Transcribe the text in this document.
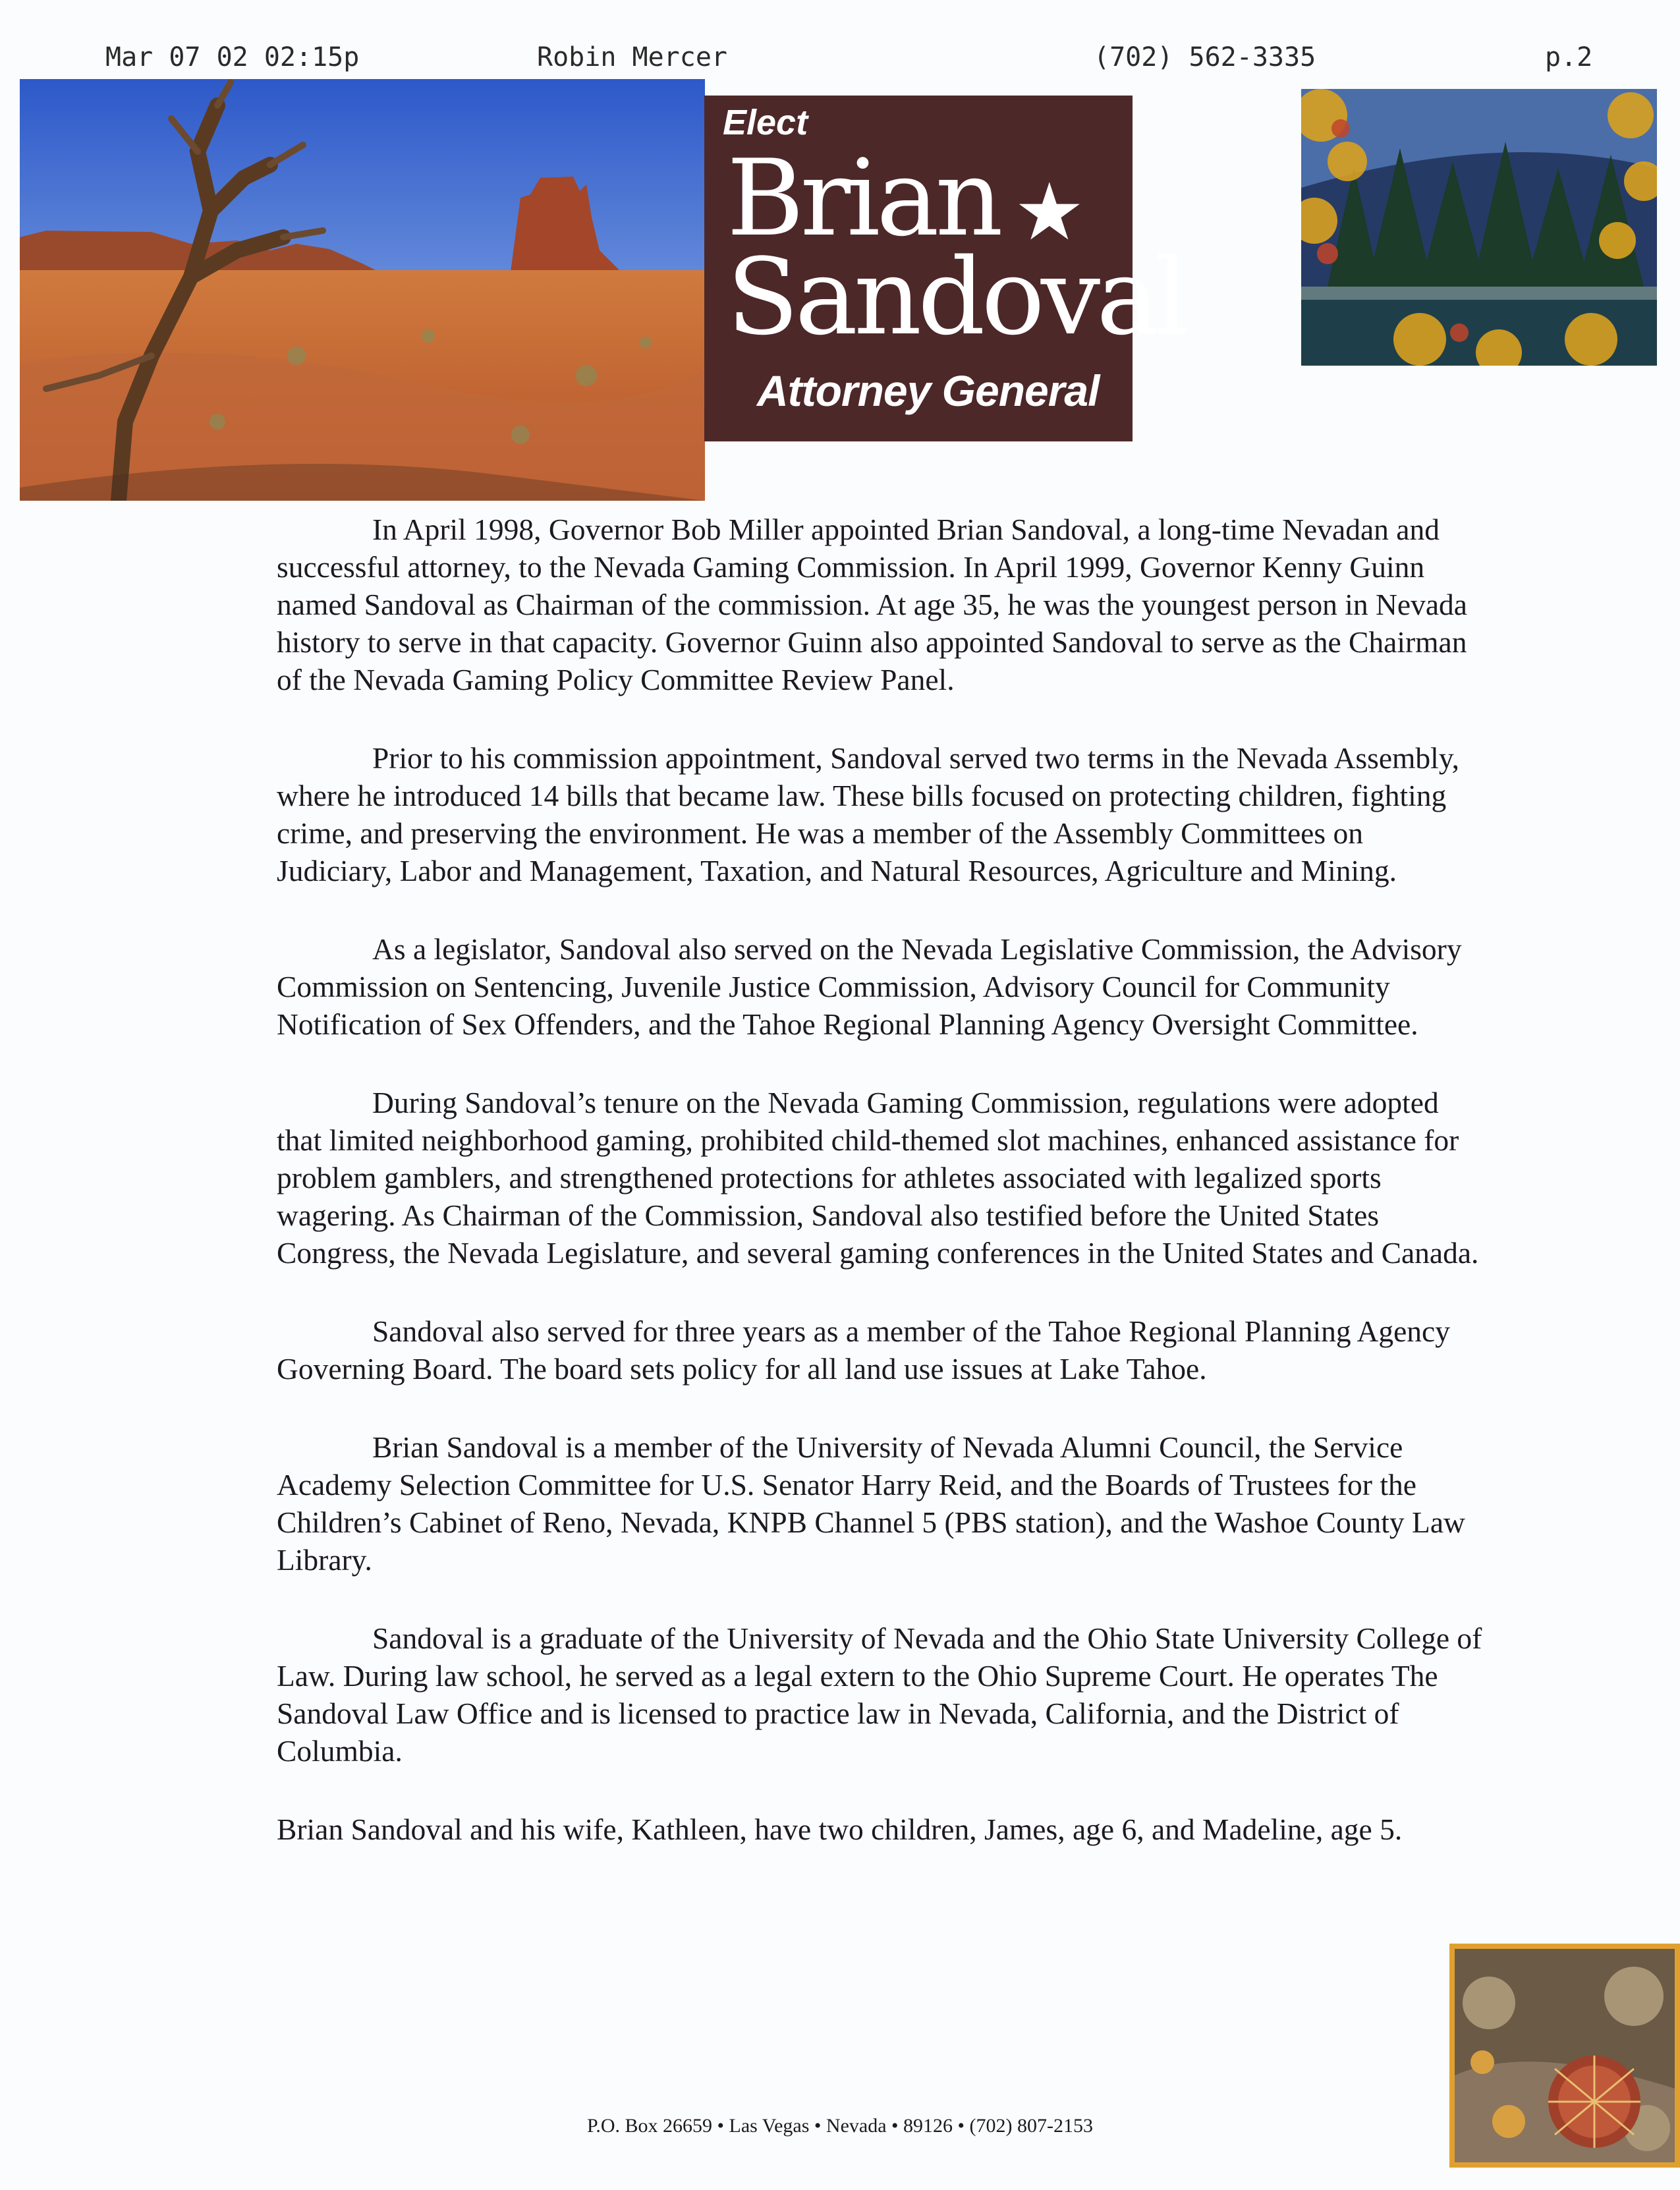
Mar 07 02 02:15p	Robin Mercer	(702) 562-3335	p.2
Elect
Brian ★
Sandoval
Attorney General

In April 1998, Governor Bob Miller appointed Brian Sandoval, a long-time Nevadan and successful attorney, to the Nevada Gaming Commission. In April 1999, Governor Kenny Guinn named Sandoval as Chairman of the commission. At age 35, he was the youngest person in Nevada history to serve in that capacity. Governor Guinn also appointed Sandoval to serve as the Chairman of the Nevada Gaming Policy Committee Review Panel.

Prior to his commission appointment, Sandoval served two terms in the Nevada Assembly, where he introduced 14 bills that became law. These bills focused on protecting children, fighting crime, and preserving the environment. He was a member of the Assembly Committees on Judiciary, Labor and Management, Taxation, and Natural Resources, Agriculture and Mining.

As a legislator, Sandoval also served on the Nevada Legislative Commission, the Advisory Commission on Sentencing, Juvenile Justice Commission, Advisory Council for Community Notification of Sex Offenders, and the Tahoe Regional Planning Agency Oversight Committee.

During Sandoval’s tenure on the Nevada Gaming Commission, regulations were adopted that limited neighborhood gaming, prohibited child-themed slot machines, enhanced assistance for problem gamblers, and strengthened protections for athletes associated with legalized sports wagering. As Chairman of the Commission, Sandoval also testified before the United States Congress, the Nevada Legislature, and several gaming conferences in the United States and Canada.

Sandoval also served for three years as a member of the Tahoe Regional Planning Agency Governing Board. The board sets policy for all land use issues at Lake Tahoe.

Brian Sandoval is a member of the University of Nevada Alumni Council, the Service Academy Selection Committee for U.S. Senator Harry Reid, and the Boards of Trustees for the Children’s Cabinet of Reno, Nevada, KNPB Channel 5 (PBS station), and the Washoe County Law Library.

Sandoval is a graduate of the University of Nevada and the Ohio State University College of Law. During law school, he served as a legal extern to the Ohio Supreme Court. He operates The Sandoval Law Office and is licensed to practice law in Nevada, California, and the District of Columbia.

Brian Sandoval and his wife, Kathleen, have two children, James, age 6, and Madeline, age 5.

P.O. Box 26659 • Las Vegas • Nevada • 89126 • (702) 807-2153
